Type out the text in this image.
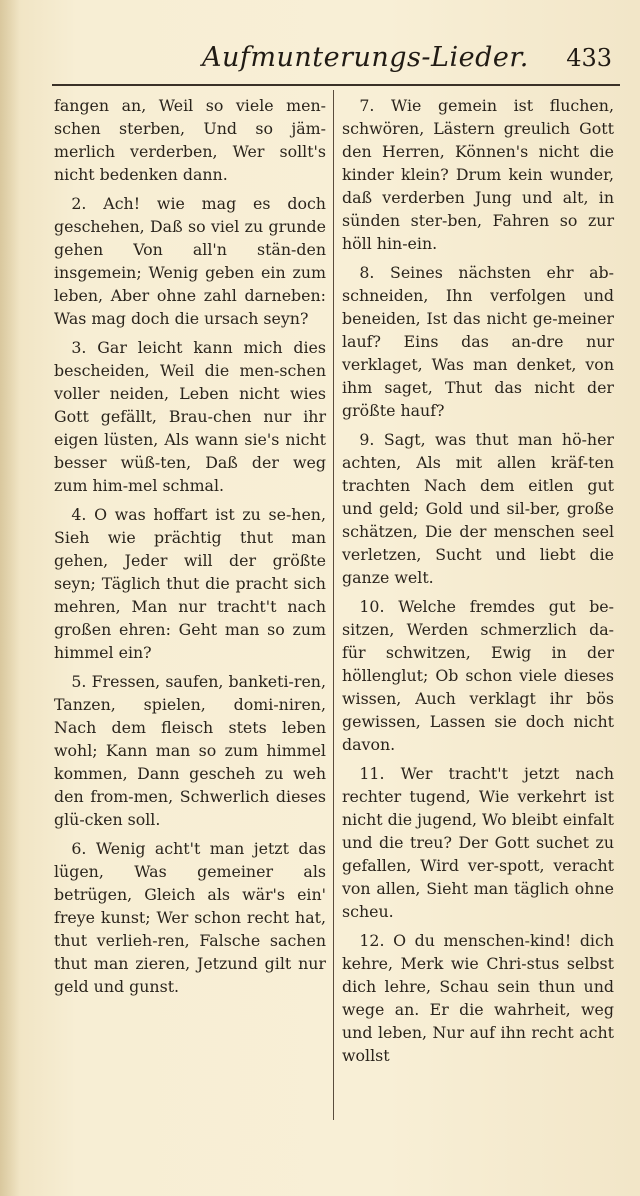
Aufmunterungs-Lieder. 433

fangen an, Weil so viele men-schen sterben, Und so jäm-merlich verderben, Wer sollt's nicht bedenken dann.

2. Ach! wie mag es doch geschehen, Daß so viel zu grunde gehen Von all'n stän-den insgemein; Wenig geben ein zum leben, Aber ohne zahl darneben: Was mag doch die ursach seyn?

3. Gar leicht kann mich dies bescheiden, Weil die men-schen voller neiden, Leben nicht wies Gott gefällt, Brau-chen nur ihr eigen lüsten, Als wann sie's nicht besser wüß-ten, Daß der weg zum him-mel schmal.

4. O was hoffart ist zu se-hen, Sieh wie prächtig thut man gehen, Jeder will der größte seyn; Täglich thut die pracht sich mehren, Man nur tracht't nach großen ehren: Geht man so zum himmel ein?

5. Fressen, saufen, banketi-ren, Tanzen, spielen, domi-niren, Nach dem fleisch stets leben wohl; Kann man so zum himmel kommen, Dann gescheh zu weh den from-men, Schwerlich dieses glü-cken soll.

6. Wenig acht't man jetzt das lügen, Was gemeiner als betrügen, Gleich als wär's ein' freye kunst; Wer schon recht hat, thut verlieh-ren, Falsche sachen thut man zieren, Jetzund gilt nur geld und gunst.

7. Wie gemein ist fluchen, schwören, Lästern greulich Gott den Herren, Können's nicht die kinder klein? Drum kein wunder, daß verderben Jung und alt, in sünden ster-ben, Fahren so zur höll hin-ein.

8. Seines nächsten ehr ab-schneiden, Ihn verfolgen und beneiden, Ist das nicht ge-meiner lauf? Eins das an-dre nur verklaget, Was man denket, von ihm saget, Thut das nicht der größte hauf?

9. Sagt, was thut man hö-her achten, Als mit allen kräf-ten trachten Nach dem eitlen gut und geld; Gold und sil-ber, große schätzen, Die der menschen seel verletzen, Sucht und liebt die ganze welt.

10. Welche fremdes gut be-sitzen, Werden schmerzlich da-für schwitzen, Ewig in der höllenglut; Ob schon viele dieses wissen, Auch verklagt ihr bös gewissen, Lassen sie doch nicht davon.

11. Wer tracht't jetzt nach rechter tugend, Wie verkehrt ist nicht die jugend, Wo bleibt einfalt und die treu? Der Gott suchet zu gefallen, Wird ver-spott, veracht von allen, Sieht man täglich ohne scheu.

12. O du menschen-kind! dich kehre, Merk wie Chri-stus selbst dich lehre, Schau sein thun und wege an. Er die wahrheit, weg und leben, Nur auf ihn recht acht wollst
